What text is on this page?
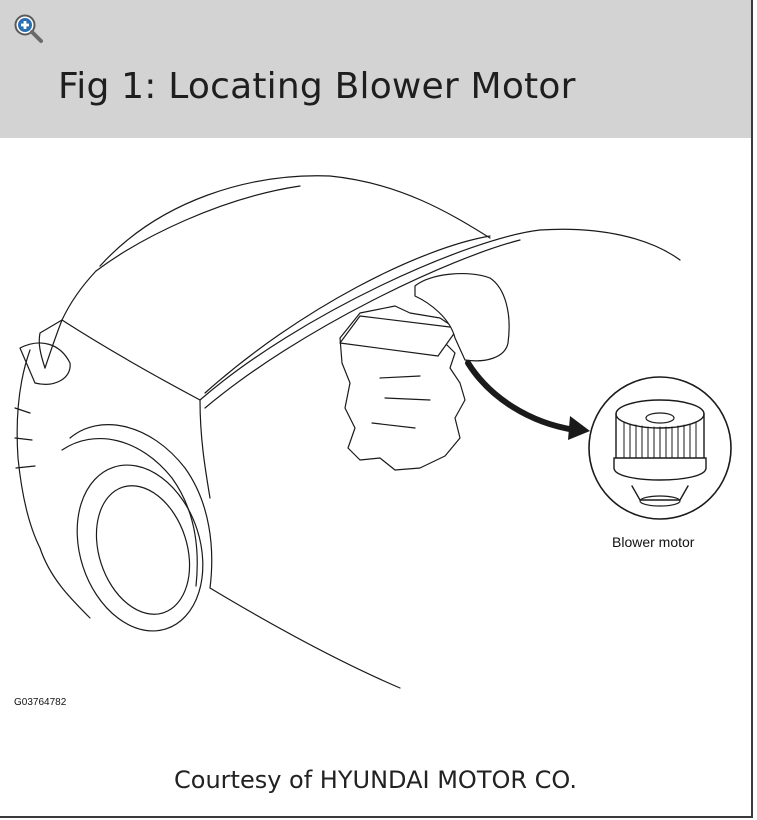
Fig 1: Locating Blower Motor
Blower motor
G03764782
Courtesy of HYUNDAI MOTOR CO.
